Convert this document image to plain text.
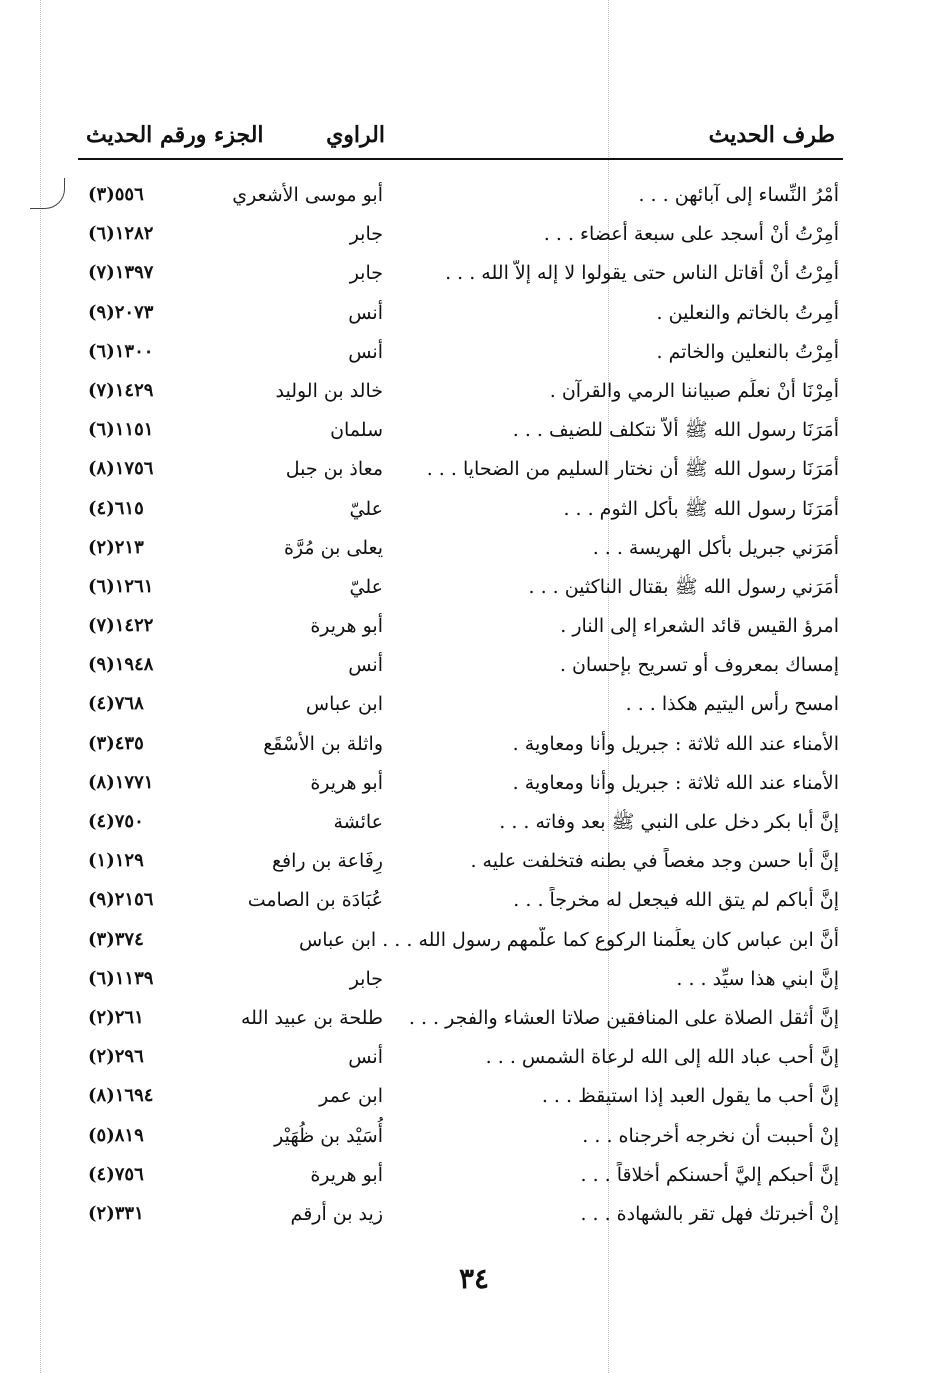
طرف الحديث
الراوي
الجزء ورقم الحديث
أَمْرُ النِّساء إلى آبائهن . . .
أبو موسى الأشعري
٥٥٦(٣)
أُمِرْتُ أَنْ أسجد على سبعة أعضاء . . .
جابر
١٢٨٢(٦)
أُمِرْتُ أَنْ أُقاتل الناس حتى يقولوا لا إله إلاّ الله . . .
جابر
١٣٩٧(٧)
أُمِرتُ بالخاتم والنعلين .
أنس
٢٠٧٣(٩)
أُمِرْتُ بالنعلين والخاتم .
أنس
١٣٠٠(٦)
أُمِرْنَا أَنْ نعلِّم صبياننا الرمي والقرآن .
خالد بن الوليد
١٤٢٩(٧)
أَمَرَنَا رسول الله ﷺ ألاّ نتكلف للضيف . . .
سلمان
١١٥١(٦)
أَمَرَنَا رسول الله ﷺ أن نختار السليم من الضحايا . . .
معاذ بن جبل
١٧٥٦(٨)
أَمَرَنَا رسول الله ﷺ بأكل الثوم . . .
عليّ
٦١٥(٤)
أَمَرَني جبريل بأكل الهريسة . . .
يعلى بن مُرَّة
٢١٣(٢)
أَمَرَني رسول الله ﷺ بقتال الناكثين . . .
عليّ
١٢٦١(٦)
امرؤ القيس قائد الشعراء إلى النار .
أبو هريرة
١٤٢٢(٧)
إمساك بمعروف أو تسريح بإحسان .
أنس
١٩٤٨(٩)
امسح رأس اليتيم هكذا . . .
ابن عباس
٧٦٨(٤)
الأمناء عند الله ثلاثة : جبريل وأنا ومعاوية .
واثلة بن الأسْقَع
٤٣٥(٣)
الأمناء عند الله ثلاثة : جبريل وأنا ومعاوية .
أبو هريرة
١٧٧١(٨)
إنَّ أبا بكر دخل على النبي ﷺ بعد وفاته . . .
عائشة
٧٥٠(٤)
إنَّ أبا حسن وجد مغصاً في بطنه فتخلفت عليه .
رِفَاعة بن رافع
١٢٩(١)
إنَّ أباكم لم يتق الله فيجعل له مخرجاً . . .
عُبَادَة بن الصامت
٢١٥٦(٩)
أنَّ ابن عباس كان يعلِّمنا الركوع كما علَّمهم رسول الله . . . ابن عباس
٣٧٤(٣)
إنَّ ابني هذا سيِّد . . .
جابر
١١٣٩(٦)
إنَّ أثقل الصلاة على المنافقين صلاتا العشاء والفجر . . .
طلحة بن عبيد الله
٢٦١(٢)
إنَّ أحب عباد الله إلى الله لرعاة الشمس . . .
أنس
٢٩٦(٢)
إنَّ أحب ما يقول العبد إذا استيقظ . . .
ابن عمر
١٦٩٤(٨)
إنْ أحببت أن نخرجه أخرجناه . . .
أُسَيْد بن ظُهَيْر
٨١٩(٥)
إنَّ أحبكم إليَّ أحسنكم أخلاقاً . . .
أبو هريرة
٧٥٦(٤)
إنْ أخبرتك فهل تقر بالشهادة . . .
زيد بن أرقم
٣٣١(٢)
٣٤
